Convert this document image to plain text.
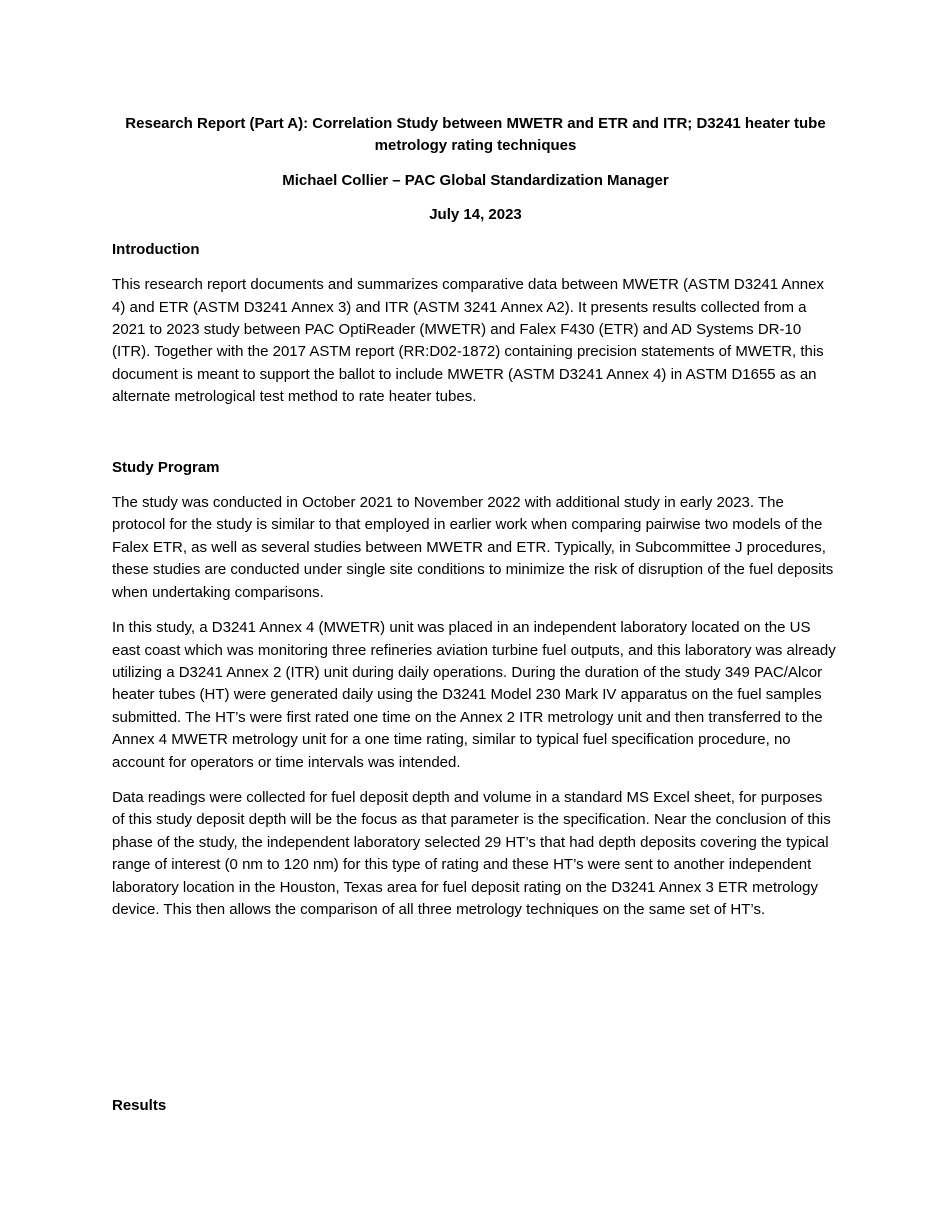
Research Report (Part A): Correlation Study between MWETR and ETR and ITR; D3241 heater tube metrology rating techniques
Michael Collier – PAC Global Standardization Manager
July 14, 2023
Introduction

This research report documents and summarizes comparative data between MWETR (ASTM D3241 Annex 4) and ETR (ASTM D3241 Annex 3) and ITR (ASTM 3241 Annex A2). It presents results collected from a 2021 to 2023 study between PAC OptiReader (MWETR) and Falex F430 (ETR) and AD Systems DR-10 (ITR). Together with the 2017 ASTM report (RR:D02-1872) containing precision statements of MWETR, this document is meant to support the ballot to include MWETR (ASTM D3241 Annex 4) in ASTM D1655 as an alternate metrological test method to rate heater tubes.

Study Program

The study was conducted in October 2021 to November 2022 with additional study in early 2023. The protocol for the study is similar to that employed in earlier work when comparing pairwise two models of the Falex ETR, as well as several studies between MWETR and ETR. Typically, in Subcommittee J procedures, these studies are conducted under single site conditions to minimize the risk of disruption of the fuel deposits when undertaking comparisons.

In this study, a D3241 Annex 4 (MWETR) unit was placed in an independent laboratory located on the US east coast which was monitoring three refineries aviation turbine fuel outputs, and this laboratory was already utilizing a D3241 Annex 2 (ITR) unit during daily operations. During the duration of the study 349 PAC/Alcor heater tubes (HT) were generated daily using the D3241 Model 230 Mark IV apparatus on the fuel samples submitted. The HT’s were first rated one time on the Annex 2 ITR metrology unit and then transferred to the Annex 4 MWETR metrology unit for a one time rating, similar to typical fuel specification procedure, no account for operators or time intervals was intended.

Data readings were collected for fuel deposit depth and volume in a standard MS Excel sheet, for purposes of this study deposit depth will be the focus as that parameter is the specification. Near the conclusion of this phase of the study, the independent laboratory selected 29 HT’s that had depth deposits covering the typical range of interest (0 nm to 120 nm) for this type of rating and these HT’s were sent to another independent laboratory location in the Houston, Texas area for fuel deposit rating on the D3241 Annex 3 ETR metrology device. This then allows the comparison of all three metrology techniques on the same set of HT’s.

Results
